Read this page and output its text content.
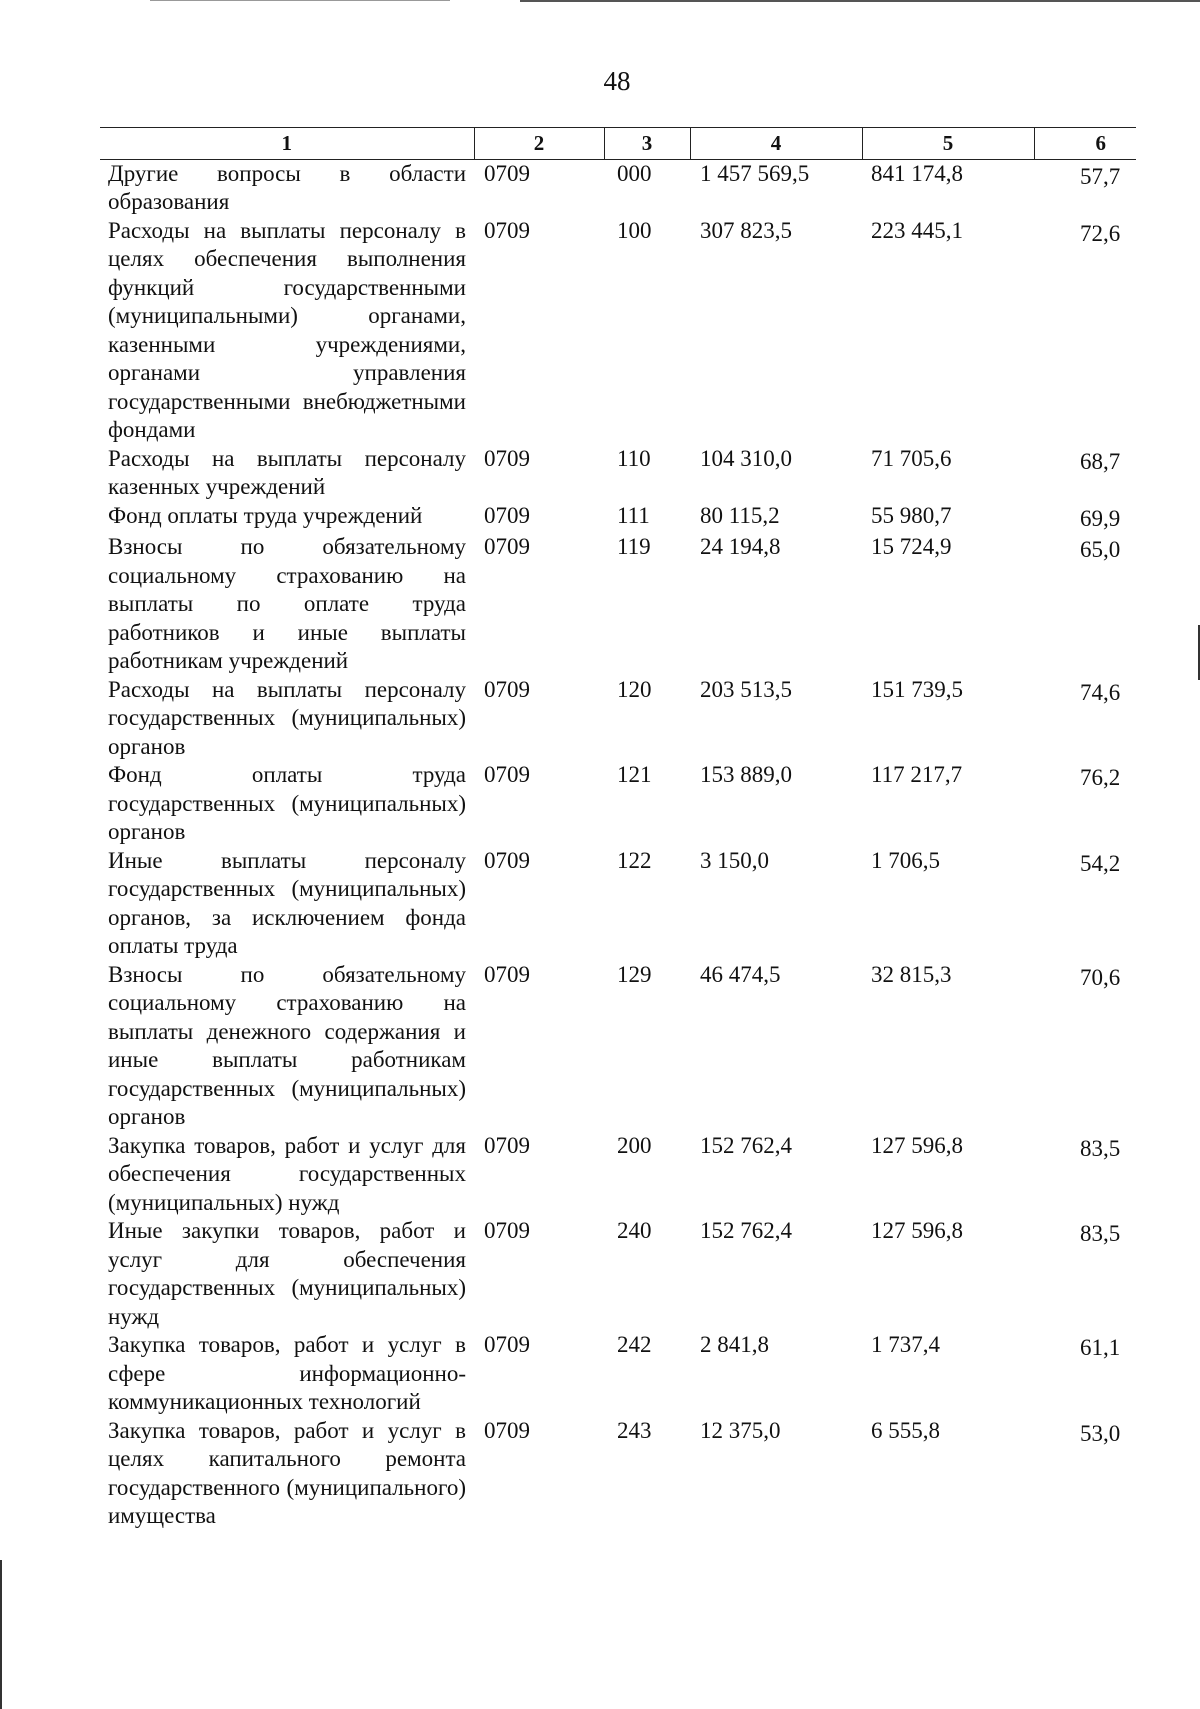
48
1	2	3	4	5	6
Другие вопросы в области образования	0709	000	1 457 569,5	841 174,8	57,7
Расходы на выплаты персоналу в целях обеспечения выполнения функций государственными (муниципальными) органами, казенными учреждениями, органами управления государственными внебюджетными фондами	0709	100	307 823,5	223 445,1	72,6
Расходы на выплаты персоналу казенных учреждений	0709	110	104 310,0	71 705,6	68,7
Фонд оплаты труда учреждений	0709	111	80 115,2	55 980,7	69,9
Взносы по обязательному социальному страхованию на выплаты по оплате труда работников и иные выплаты работникам учреждений	0709	119	24 194,8	15 724,9	65,0
Расходы на выплаты персоналу государственных (муниципальных) органов	0709	120	203 513,5	151 739,5	74,6
Фонд оплаты труда государственных (муниципальных) органов	0709	121	153 889,0	117 217,7	76,2
Иные выплаты персоналу государственных (муниципальных) органов, за исключением фонда оплаты труда	0709	122	3 150,0	1 706,5	54,2
Взносы по обязательному социальному страхованию на выплаты денежного содержания и иные выплаты работникам государственных (муниципальных) органов	0709	129	46 474,5	32 815,3	70,6
Закупка товаров, работ и услуг для обеспечения государственных (муниципальных) нужд	0709	200	152 762,4	127 596,8	83,5
Иные закупки товаров, работ и услуг для обеспечения государственных (муниципальных) нужд	0709	240	152 762,4	127 596,8	83,5
Закупка товаров, работ и услуг в сфере информационно-коммуникационных технологий	0709	242	2 841,8	1 737,4	61,1
Закупка товаров, работ и услуг в целях капитального ремонта государственного (муниципального) имущества	0709	243	12 375,0	6 555,8	53,0
